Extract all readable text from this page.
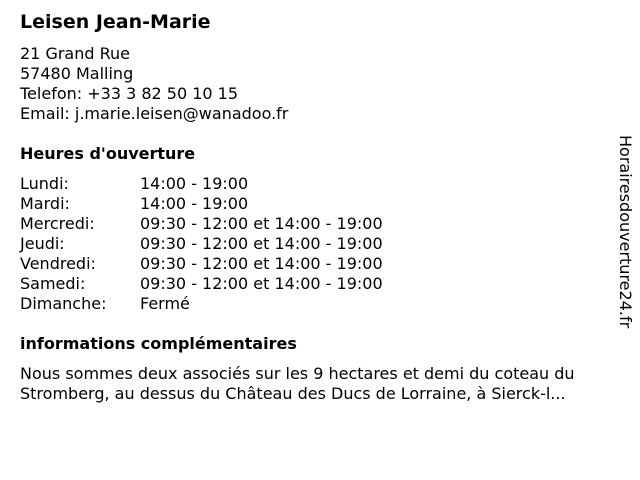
Leisen Jean-Marie
21 Grand Rue
57480 Malling
Telefon: +33 3 82 50 10 15
Email: j.marie.leisen@wanadoo.fr
Heures d'ouverture
Lundi:	14:00 - 19:00
Mardi:	14:00 - 19:00
Mercredi:	09:30 - 12:00 et 14:00 - 19:00
Jeudi:	09:30 - 12:00 et 14:00 - 19:00
Vendredi:	09:30 - 12:00 et 14:00 - 19:00
Samedi:	09:30 - 12:00 et 14:00 - 19:00
Dimanche: Fermé
informations complémentaires
Nous sommes deux associés sur les 9 hectares et demi du coteau du
Stromberg, au dessus du Château des Ducs de Lorraine, à Sierck-l...
Horairesdouverture24.fr
